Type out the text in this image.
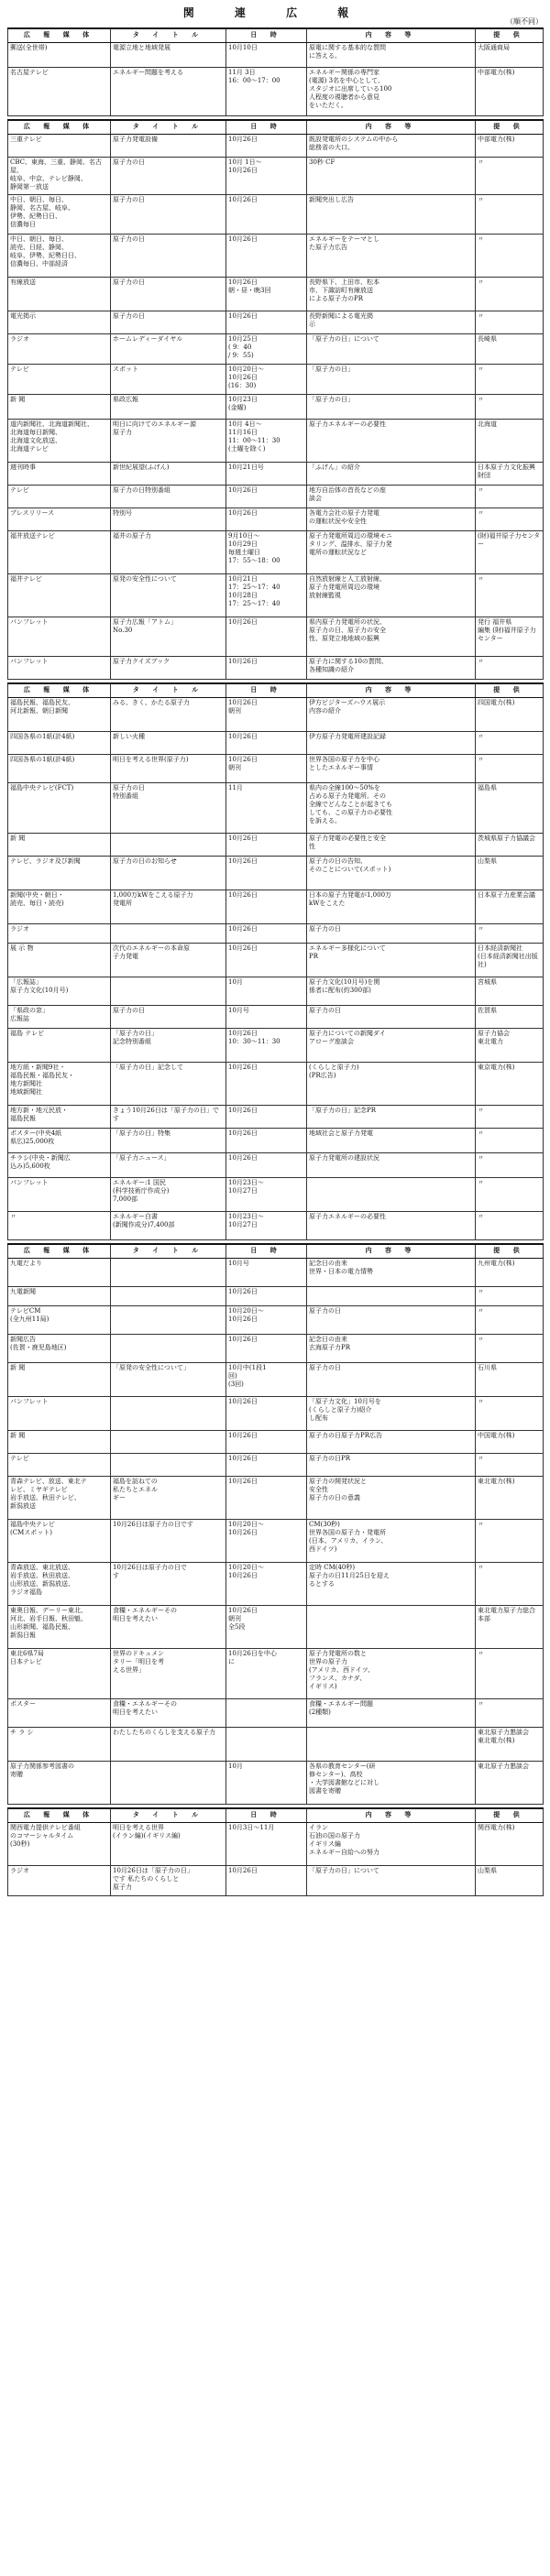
関 連 広 報
（順不同）
広 報 媒 体	タ イ ト ル	日 時	内 容 等	提 供
郵送(全世帯)	電源立地と地域発展	10月10日	原電に関する基本的な質問
に答える。	大阪通商局
名古屋テレビ	エネルギー問題を考える	11月 3日
16：00～17：00	エネルギー関係の専門家
(電源) 3名を中心として、
スタジオに出席している100
人程度の視聴者から意見
をいただく。	中部電力(株)

広 報 媒 体	タ イ ト ル	日 時	内 容 等	提 供
三重テレビ	原子力発電設備	10月26日	既設発電所のシステムの中から
総務省の大口。	中部電力(株)
CBC、東海、三重、静岡、名古屋、
岐阜、中京、テレビ静岡、
静岡第一放送	原子力の日	10月 1日～
10月26日	30秒 CF	〃
中日、朝日、毎日、
静岡、名古屋、岐阜、
伊勢、紀勢日日、
信濃毎日	原子力の日	10月26日	新聞突出し広告	〃
中日、朝日、毎日、
読売、日経、静岡、
岐阜、伊勢、紀勢日日、
信濃毎日、中部経済	原子力の日	10月26日	エネルギーをテーマとし
た原子力広告	〃
有線放送	原子力の日	10月26日
朝・昼・晩3回	長野県下、上田市、松本
市、下諏訪町有線放送
による原子力のPR	〃
電光掲示	原子力の日	10月26日	長野新聞による電光掲
示	〃
ラジオ	ホームレディーダイヤル	10月25日
( 9：40
/ 9：55)	「原子力の日」について	長崎県
テレビ	スポット	10月20日～
10月26日
(16：30)	「原子力の日」	〃
新 聞	県政広報	10月23日
(金曜)	「原子力の日」	〃
道内新聞社、北海道新聞社、
北海道毎日新聞、
北海道文化放送、
北海道テレビ	明日に向けてのエネルギー源
原子力	10月 4日～
11月16日
11：00～11：30
(土曜を除く)	原子力エネルギーの必要性	北海道
週刊時事	新世紀展望(ふげん)	10月21日号	「ふげん」の紹介	日本原子力文化振興財団
テレビ	原子力の日特別番組	10月26日	地方自治体の首長などの座
談会	〃
プレスリリース	特別号	10月26日	各電力会社の原子力発電
の運転状況や安全性	〃
福井放送テレビ	福井の原子力	9月10日～
10月29日
毎週土曜日
17：55～18：00	原子力発電所周辺の環境モニ
タリング、温排水、原子力発
電所の運転状況など	(財)福井原子力センター
福井テレビ	原発の安全性について	10月21日
17：25～17：40
10月28日
17：25～17：40	自然放射線と人工放射線、
原子力発電所周辺の環境
放射線監視	〃
パンフレット	原子力広報「アトム」
No.30	10月26日	県内原子力発電所の状況、
原子力の日、原子力の安全
性、原発立地地域の振興	発行 福井県
編集 (財)福井原子力センター
パンフレット	原子力クイズブック	10月26日	原子力に関する10の質問、
各種知識の紹介	〃

広 報 媒 体	タ イ ト ル	日 時	内 容 等	提 供
福島民報、福島民友、
河北新報、朝日新聞	みる、きく、かたる原子力	10月26日
朝刊	伊方ビジターズハウス展示
内容の紹介	四国電力(株)
四国各県の1紙(計4紙)	新しい火種	10月26日	伊方原子力発電所建設記録	〃
四国各県の1紙(計4紙)	明日を考える世界(原子力)	10月26日
朝刊	世界各国の原子力を中心
としたエネルギー事情	〃
福島中央テレビ(FCT)	原子力の日
特別番組	11月	県内の全線100～50%を
占める原子力発電所。その
全線でどんなことが起きても
しても、この原子力の必要性
を訴える。	福島県
新 聞		10月26日	原子力発電の必要性と安全
性	茨城県原子力協議会
テレビ、ラジオ及び新聞	原子力の日のお知らせ	10月26日	原子力の日の告知、
そのことについて(スポット)	山梨県
新聞(中央・朝日・
読売、毎日・読売)	1,000万kWをこえる原子力
発電所	10月26日	日本の原子力発電が1,000万
kWをこえた	日本原子力産業会議
ラジオ		10月26日	原子力の日	〃
展 示 物	次代のエネルギーの本命原
子力発電	10月26日	エネルギー多様化について
PR	日本経済新聞社
(日本経済新聞社出版社)
「広報誌」
原子力文化(10月号)		10月	原子力文化(10月号)を関
係者に配布(約300部)	宮城県
「県政の窓」
広報誌	原子力の日	10月号	原子力の日	佐賀県
福島 テレビ	「原子力の日」
記念特別番組	10月26日
10：30～11：30	原子力についての新聞ダイ
アローグ座談会	原子力協会
東北電力
地方紙・新聞9社・
福島民報・福島民友・
地方新聞社
地域新聞社	「原子力の日」記念して	10月26日	(くらしと原子力)
(PR広告)	東京電力(株)
地方新・地元民放・
福島民報	きょう10月26日は「原子力の日」です	10月26日	「原子力の日」記念PR	〃
ポスター(中央4紙
県広)25,000枚	「原子力の日」特集	10月26日	地域社会と原子力発電	〃
チラシ(中央・新聞広
込み)5,600枚	「原子力ニュース」	10月26日	原子力発電所の建設状況	〃
パンフレット	エネルギー:1 国民
(科学技術庁作成分)
7,000部	10月23日～
10月27日		〃
〃	エネルギー白書
(新聞作成分)7,400部	10月23日～
10月27日	原子力エネルギーの必要性	〃

広 報 媒 体	タ イ ト ル	日 時	内 容 等	提 供
九電だより		10月号	記念日の由来
世界・日本の電力情勢	九州電力(株)
九電新聞		10月26日		〃
テレビCM
(全九州11局)		10月20日～
10月26日	原子力の日	〃
新聞広告
(佐賀・鹿児島地区)		10月26日	記念日の由来
玄海原子力PR	〃
新 聞	「原発の安全性について」	10月中(1段1
回)
(3回)	原子力の日	石川県
パンフレット		10月26日	「原子力文化」10月号を
(くらしと原子力)紹介
し配布	〃
新 聞		10月26日	原子力の日原子力PR広告	中国電力(株)
テレビ		10月26日	原子力の日PR	〃
青森テレビ、放送、東北テ
レビ、ミヤギテレビ
岩手放送、秋田テレビ、
新潟放送	福島を訪ねての
私たちとエネル
ギー	10月26日	原子力の開発状況と
安全性
原子力の日の意義	東北電力(株)
福島中央テレビ
(CMスポット)	10月26日は原子力の日です	10月20日～
10月26日	CM(30秒)
世界各国の原子力・発電所
(日本、アメリカ、イラン、
西ドイツ)	〃
青森放送、東北放送、
岩手放送、秋田放送、
山形放送、新潟放送、
ラジオ福島	10月26日は原子力の日で
す	10月20日～
10月26日	定時 CM(40秒)
原子力の日11月25日を迎え
るとする	〃
東奥日報、デーリー東北、
河北、岩手日報、秋田魁、
山形新聞、福島民報、
新潟日報	食糧・エネルギーその
明日を考えたい	10月26日
朝刊
全5段		東北電力原子力総合本部
東北6県7局
日本テレビ	世界のドキュメン
タリー「明日を考
える世界」	10月26日を中心
に	原子力発電所の数と
世界の原子力
(アメリカ、西ドイツ、
フランス、カナダ、
イギリス)	〃
ポスター	食糧・エネルギーその
明日を考えたい		食糧・エネルギー問題
(2種類)	〃
チ ラ シ	わたしたちのくらしを支える原子力			東北原子力懇談会
東北電力(株)
原子力関係参考図書の
寄贈		10月	各県の教育センター(研
修センター)、高校
・大学図書館などに対し
図書を寄贈	東北原子力懇談会

広 報 媒 体	タ イ ト ル	日 時	内 容 等	提 供
関西電力提供テレビ番組
のコマーシャルタイム
(30秒)	明日を考える世界
(イラン編)(イギリス編)	10月3日～11月	イラン
石油の国の原子力
イギリス編
エネルギー自給への努力	関西電力(株)
ラジオ	10月26日は「原子力の日」
です 私たちのくらしと
原子力	10月26日	「原子力の日」について	山梨県
